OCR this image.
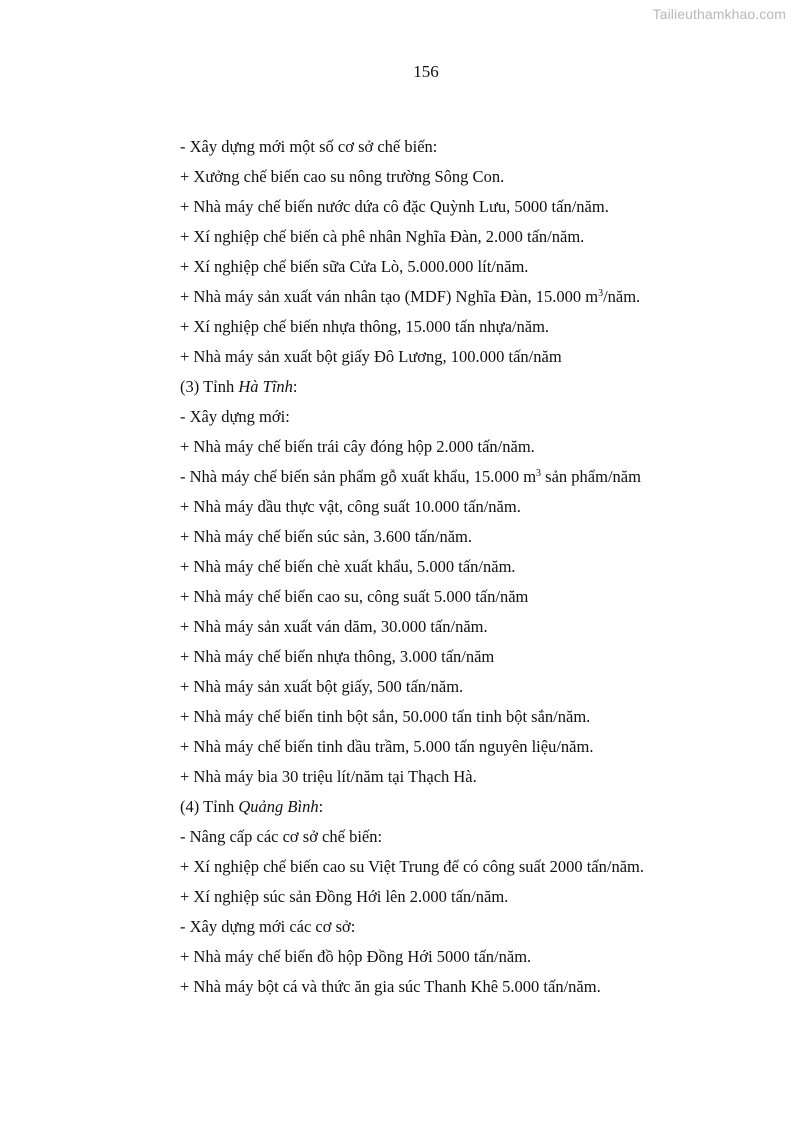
Tailieuthamkhao.com
156
- Xây dựng mới một số cơ sở chế biến:
+ Xưởng chế biến cao su nông trường Sông Con.
+ Nhà máy chế biến nước dứa cô đặc Quỳnh Lưu, 5000 tấn/năm.
+ Xí nghiệp chế biến cà phê nhân Nghĩa Đàn, 2.000 tấn/năm.
+ Xí nghiệp chế biến sữa Cửa Lò, 5.000.000 lít/năm.
+ Nhà máy sản xuất ván nhân tạo (MDF) Nghĩa Đàn, 15.000 $m^3$/năm.
+ Xí nghiệp chế biến nhựa thông, 15.000 tấn nhựa/năm.
+ Nhà máy sản xuất bột giấy Đô Lương, 100.000 tấn/năm
(3) Tỉnh Hà Tĩnh:
- Xây dựng mới:
+ Nhà máy chế biến trái cây đóng hộp 2.000 tấn/năm.
- Nhà máy chế biến sản phẩm gỗ xuất khẩu, 15.000 $m^3$ sản phẩm/năm
+ Nhà máy dầu thực vật, công suất 10.000 tấn/năm.
+ Nhà máy chế biến súc sản, 3.600 tấn/năm.
+ Nhà máy chế biến chè xuất khẩu, 5.000 tấn/năm.
+ Nhà máy chế biến cao su, công suất 5.000 tấn/năm
+ Nhà máy sản xuất ván dăm, 30.000 tấn/năm.
+ Nhà máy chế biến nhựa thông, 3.000 tấn/năm
+ Nhà máy sản xuất bột giấy, 500 tấn/năm.
+ Nhà máy chế biến tinh bột sắn, 50.000 tấn tinh bột sắn/năm.
+ Nhà máy chế biến tinh dầu trầm, 5.000 tấn nguyên liệu/năm.
+ Nhà máy bia 30 triệu lít/năm tại Thạch Hà.
(4) Tỉnh Quảng Bình:
- Nâng cấp các cơ sở chế biến:
+ Xí nghiệp chế biến cao su Việt Trung để có công suất 2000 tấn/năm.
+ Xí nghiệp súc sản Đồng Hới lên 2.000 tấn/năm.
- Xây dựng mới các cơ sở:
+ Nhà máy chế biến đồ hộp Đồng Hới 5000 tấn/năm.
+ Nhà máy bột cá và thức ăn gia súc Thanh Khê 5.000 tấn/năm.
